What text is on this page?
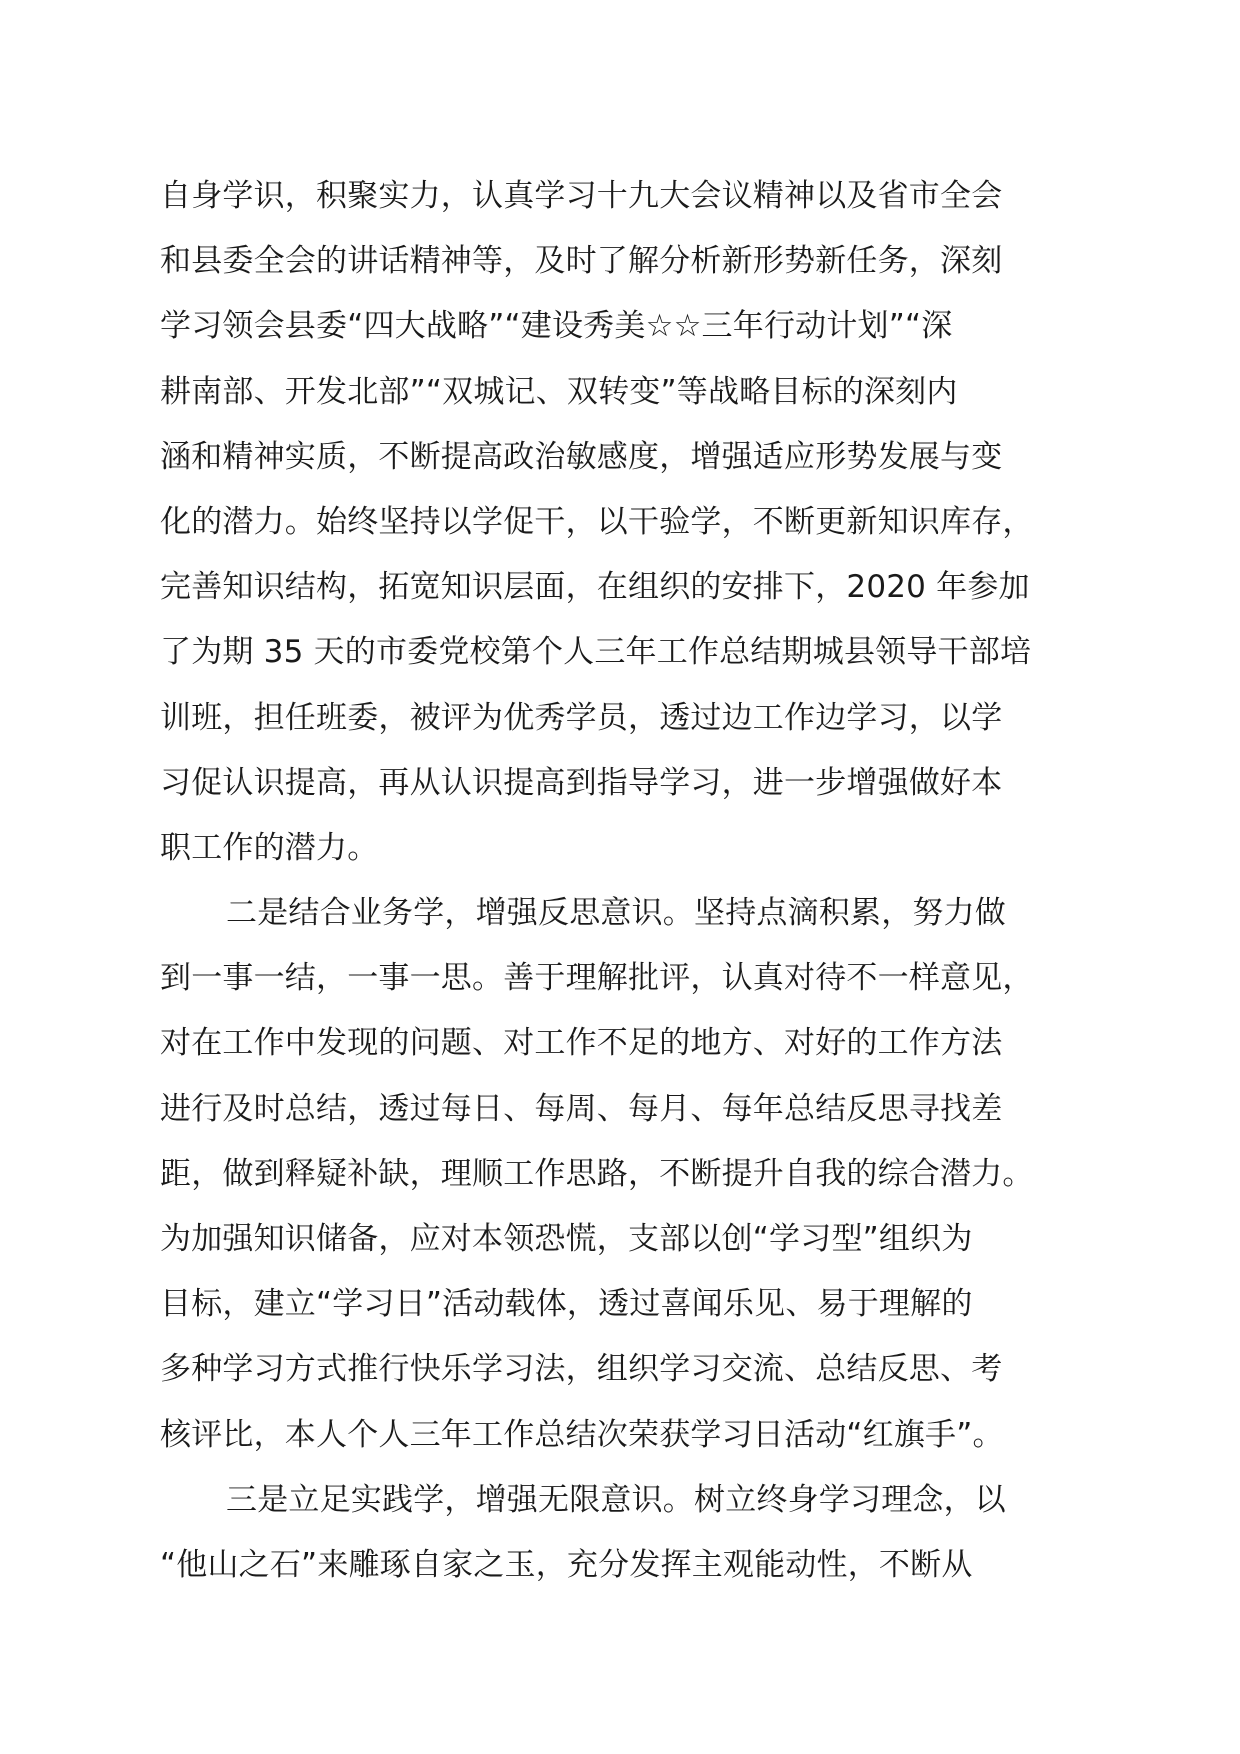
自身学识，积聚实力，认真学习十九大会议精神以及省市全会
和县委全会的讲话精神等，及时了解分析新形势新任务，深刻
学习领会县委“四大战略”“建设秀美☆☆三年行动计划”“深
耕南部、开发北部”“双城记、双转变”等战略目标的深刻内
涵和精神实质，不断提高政治敏感度，增强适应形势发展与变
化的潜力。始终坚持以学促干，以干验学，不断更新知识库存，
完善知识结构，拓宽知识层面，在组织的安排下，2020 年参加
了为期 35 天的市委党校第个人三年工作总结期城县领导干部培
训班，担任班委，被评为优秀学员，透过边工作边学习，以学
习促认识提高，再从认识提高到指导学习，进一步增强做好本
职工作的潜力。
二是结合业务学，增强反思意识。坚持点滴积累，努力做
到一事一结，一事一思。善于理解批评，认真对待不一样意见，
对在工作中发现的问题、对工作不足的地方、对好的工作方法
进行及时总结，透过每日、每周、每月、每年总结反思寻找差
距，做到释疑补缺，理顺工作思路，不断提升自我的综合潜力。
为加强知识储备，应对本领恐慌，支部以创“学习型”组织为
目标，建立“学习日”活动载体，透过喜闻乐见、易于理解的
多种学习方式推行快乐学习法，组织学习交流、总结反思、考
核评比，本人个人三年工作总结次荣获学习日活动“红旗手”。
三是立足实践学，增强无限意识。树立终身学习理念，以
“他山之石”来雕琢自家之玉，充分发挥主观能动性，不断从
